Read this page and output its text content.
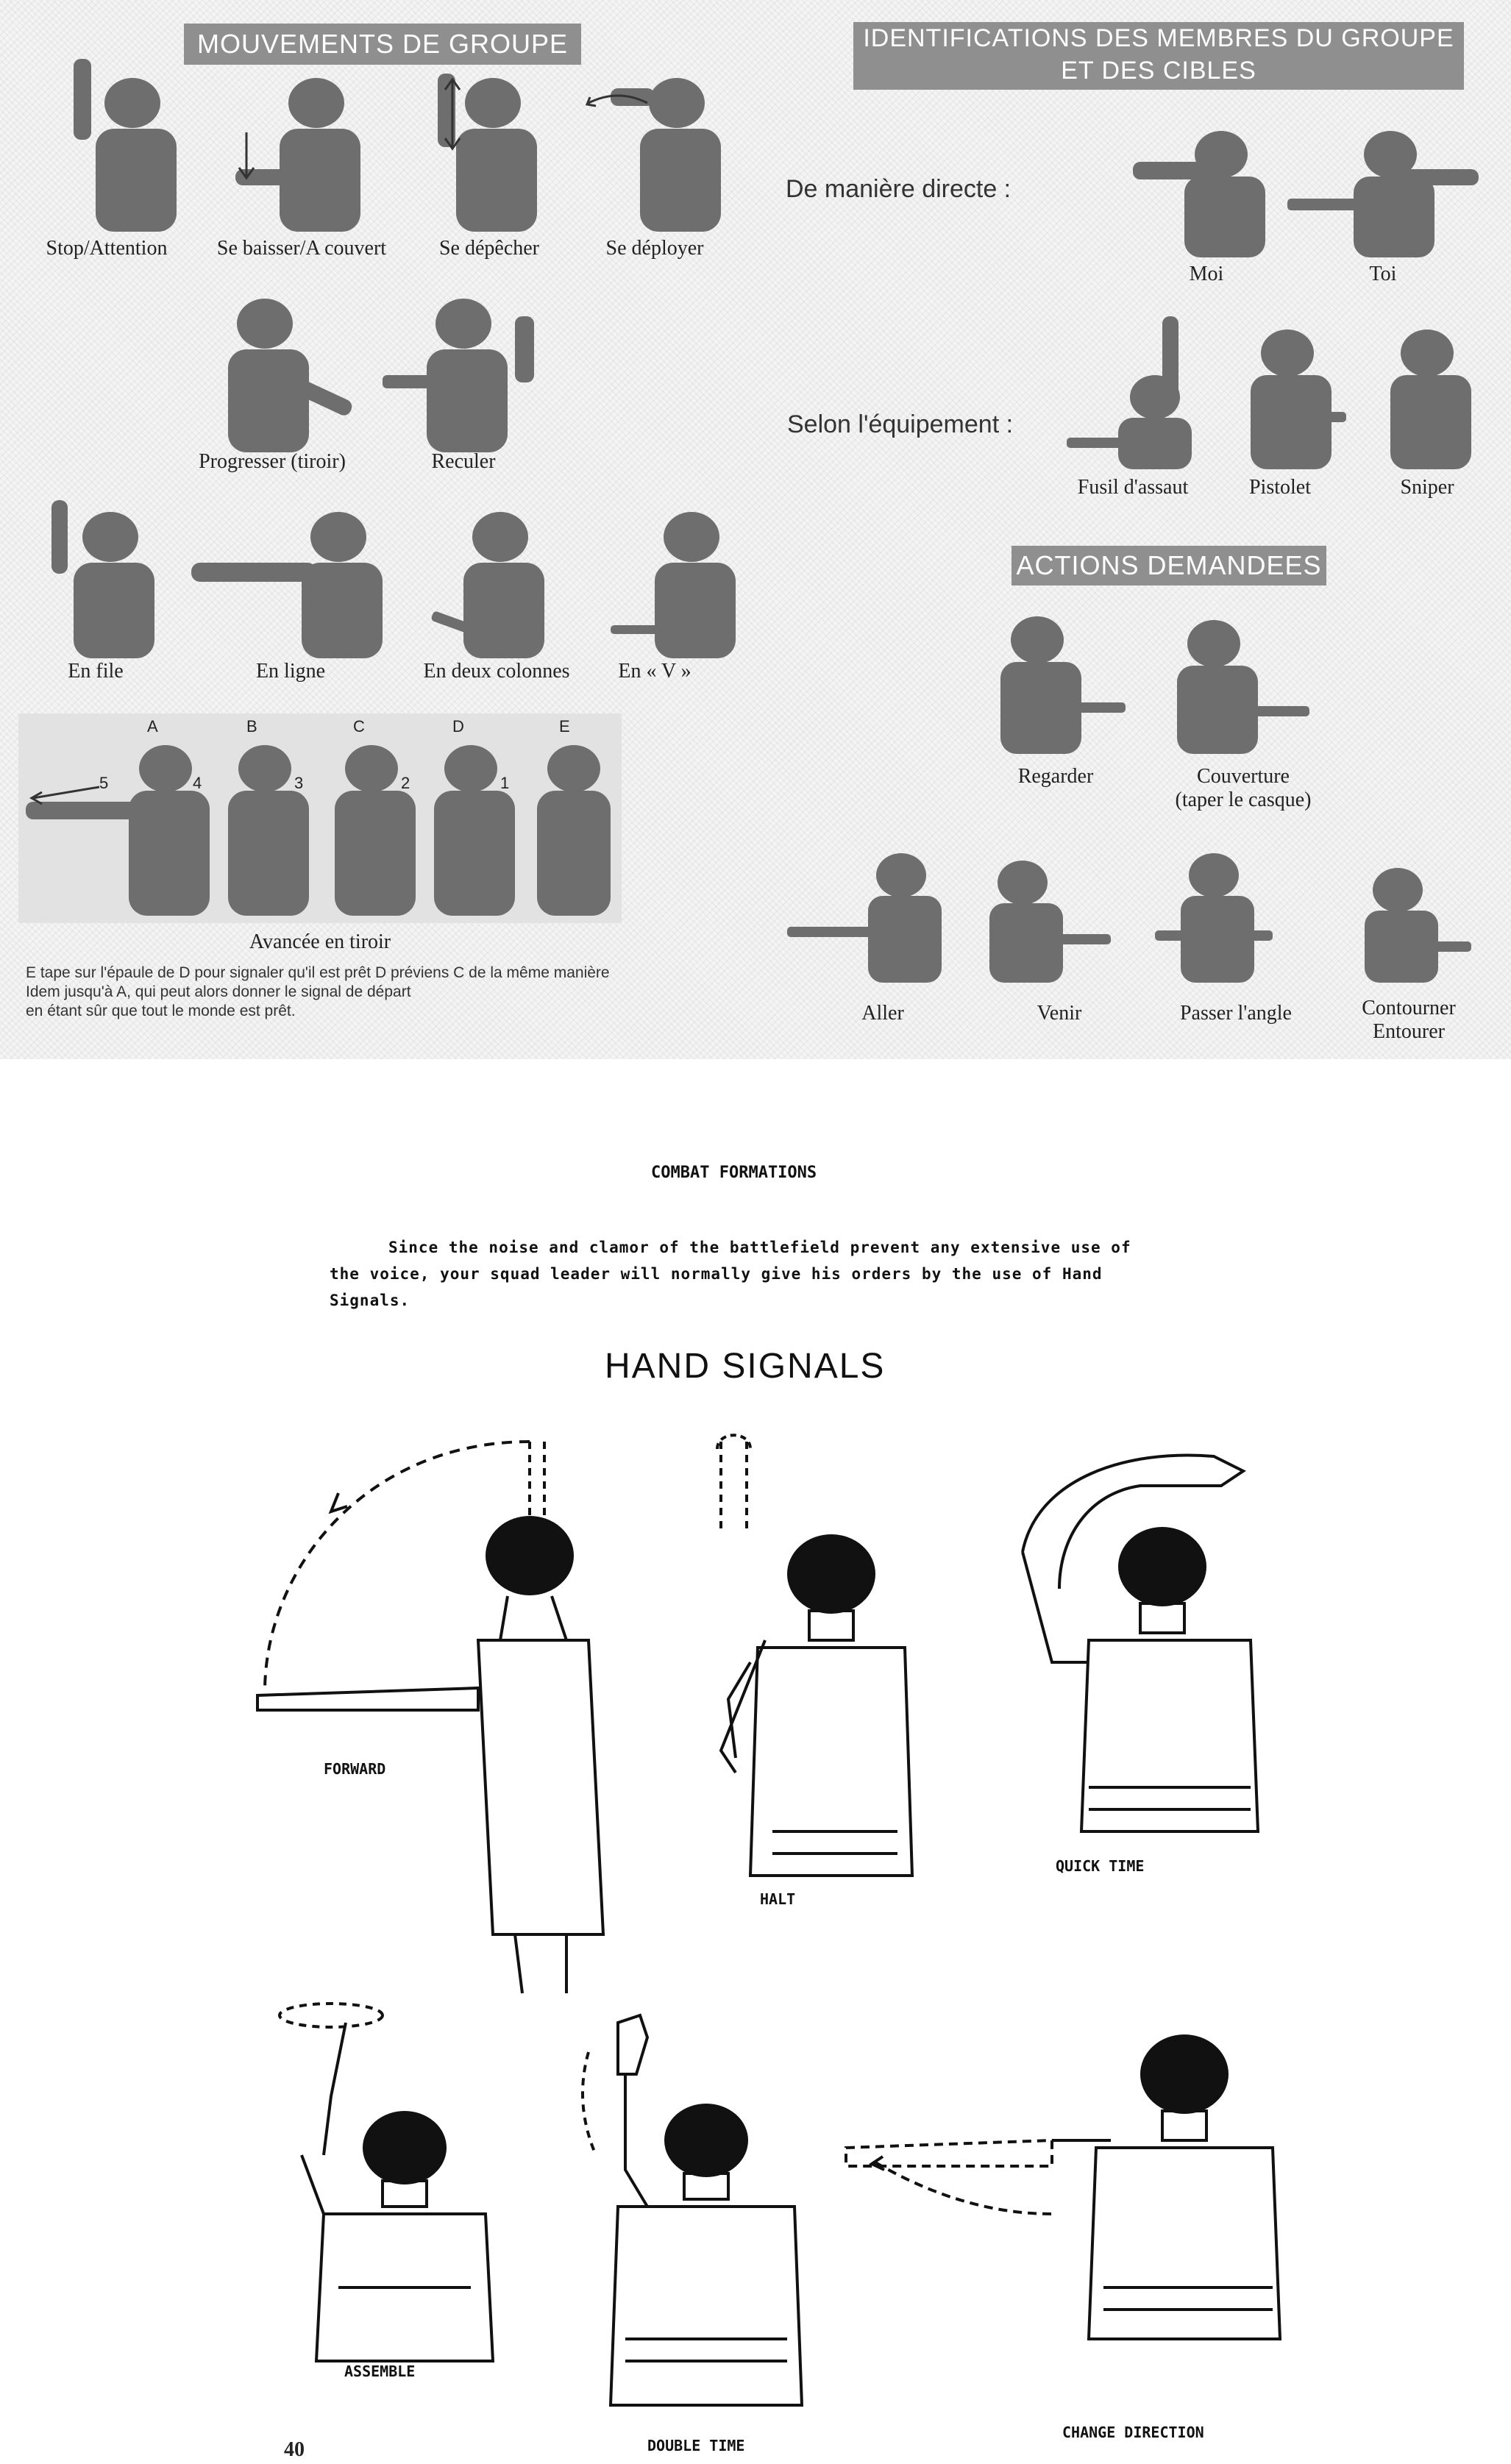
MOUVEMENTS DE GROUPE
Stop/Attention	Se baisser/A couvert	Se dépêcher	Se déployer
Progresser (tiroir)	Reculer
En file	En ligne	En deux colonnes	En « V »
A	B	C	D	E
5	4	3	2	1
Avancée en tiroir
E tape sur l'épaule de D pour signaler qu'il est prêt D préviens C de la même manière
Idem jusqu'à A, qui peut alors donner le signal de départ
en étant sûr que tout le monde est prêt.
IDENTIFICATIONS DES MEMBRES DU GROUPE
ET DES CIBLES
De manière directe :
Moi	Toi
Selon l'équipement :
Fusil d'assaut	Pistolet	Sniper
ACTIONS DEMANDEES
Regarder	Couverture
(taper le casque)
Aller	Venir	Passer l'angle	Contourner
Entourer
COMBAT FORMATIONS
Since the noise and clamor of the battlefield prevent any extensive use of
the voice, your squad leader will normally give his orders by the use of Hand
Signals.
HAND SIGNALS
FORWARD
HALT
QUICK TIME
ASSEMBLE
DOUBLE TIME
CHANGE DIRECTION
40
